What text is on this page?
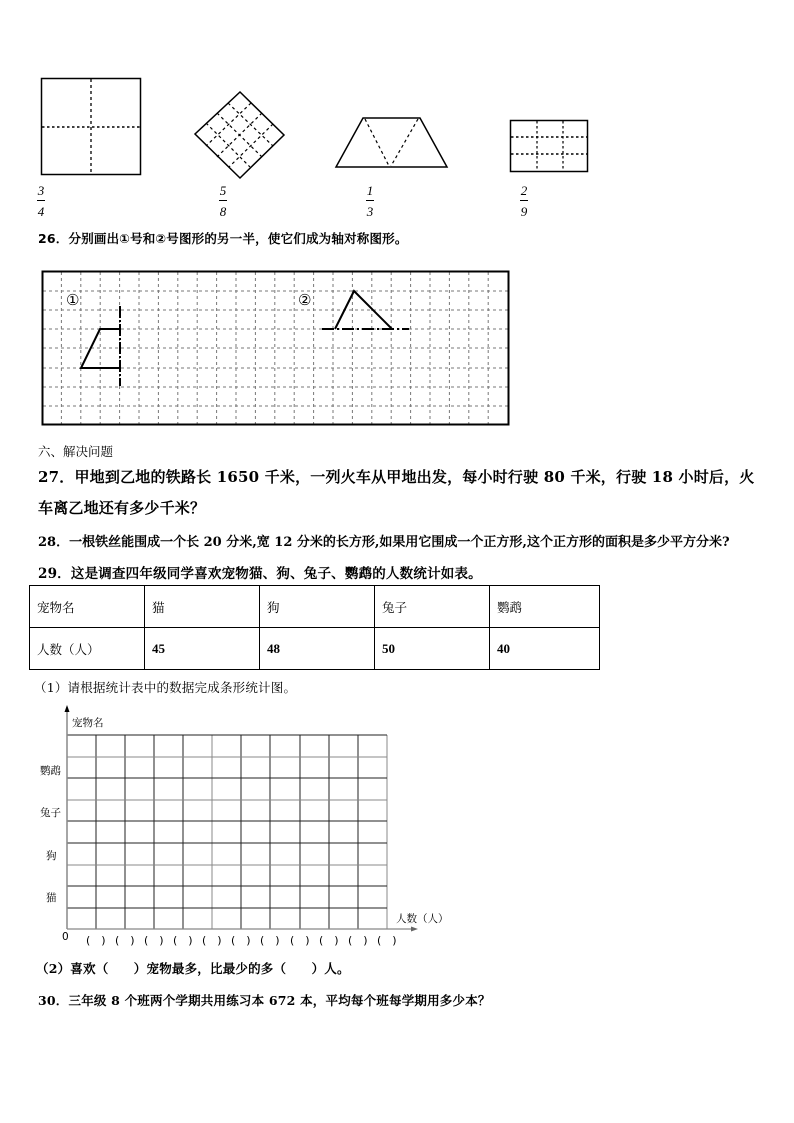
3
4
5
8
1
3
2
9
26．分别画出①号和②号图形的另一半，使它们成为轴对称图形。
①	②
六、解决问题
27．甲地到乙地的铁路长 1650 千米，一列火车从甲地出发，每小时行驶 80 千米，行驶 18 小时后，火
车离乙地还有多少千米？
28．一根铁丝能围成一个长 20 分米,宽 12 分米的长方形,如果用它围成一个正方形,这个正方形的面积是多少平方分米?
29．这是调查四年级同学喜欢宠物猫、狗、兔子、鹦鹉的人数统计如表。
宠物名	猫	狗	兔子	鹦鹉
人数（人）	45	48	50	40
（1）请根据统计表中的数据完成条形统计图。
宠物名
人数（人）
0
鹦鹉
兔子
狗
猫
(　) (　) (　) (　) (　) (　) (　) (　) (　) (　) (　)
（2）喜欢（　　）宠物最多，比最少的多（　　）人。
30．三年级 8 个班两个学期共用练习本 672 本，平均每个班每学期用多少本？
